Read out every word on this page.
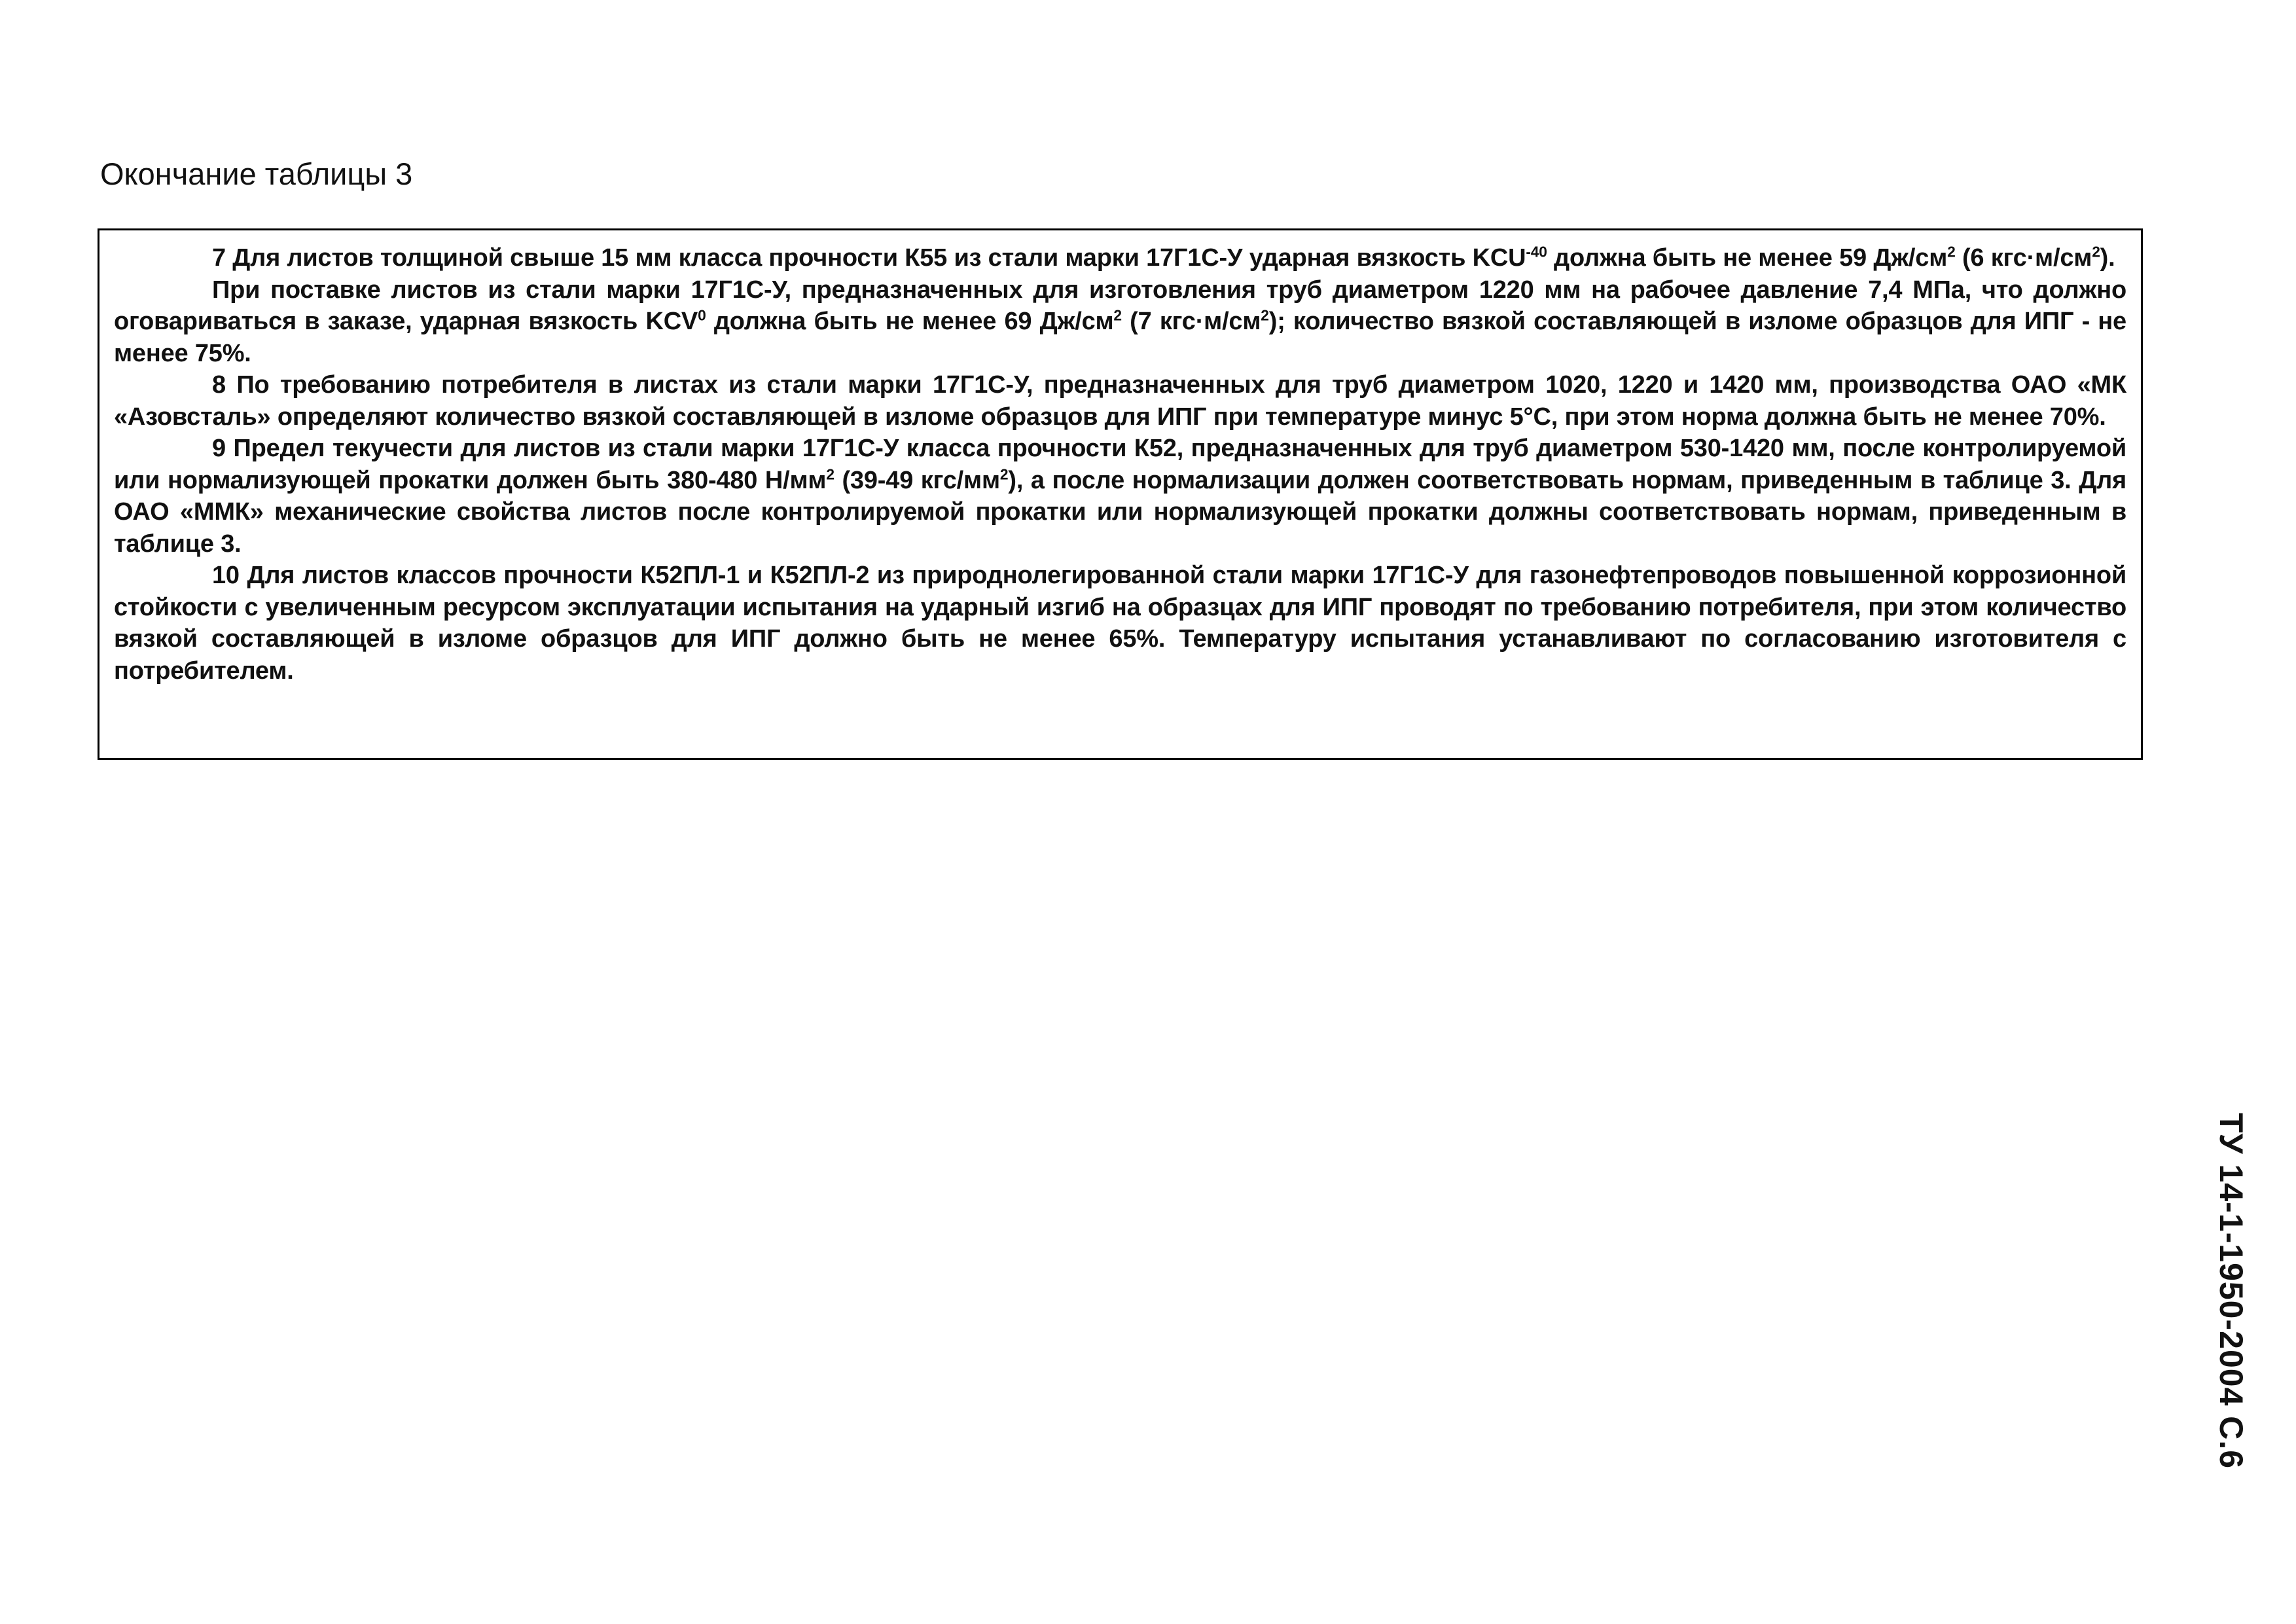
Окончание таблицы 3

7 Для листов толщиной свыше 15 мм класса прочности К55 из стали марки 17Г1С-У ударная вязкость $KCU^{-40}$ должна быть не менее 59 $Дж/см^2$ (6 $кгс\cdot м/см^2$).

При поставке листов из стали марки 17Г1С-У, предназначенных для изготовления труб диаметром 1220 мм на рабочее давление 7,4 МПа, что должно оговариваться в заказе, ударная вязкость KCV$^0$ должна быть не менее 69 $Дж/см^2$ (7 $кгс\cdot м/см^2$); количество вязкой составляющей в изломе образцов для ИПГ - не менее 75%.

8 По требованию потребителя в листах из стали марки 17Г1С-У, предназначенных для труб диаметром 1020, 1220 и 1420 мм, производства ОАО «МК «Азовсталь» определяют количество вязкой составляющей в изломе образцов для ИПГ при температуре минус 5°С, при этом норма должна быть не менее 70%.

9 Предел текучести для листов из стали марки 17Г1С-У класса прочности К52, предназначенных для труб диаметром 530-1420 мм, после контролируемой или нормализующей прокатки должен быть 380-480 $Н/мм^2$ (39-49 кгс/$мм^2$), а после нормализации должен соответствовать нормам, приведенным в таблице 3. Для ОАО «ММК» механические свойства листов после контролируемой прокатки или нормализующей прокатки должны соответствовать нормам, приведенным в таблице 3.

10 Для листов классов прочности К52ПЛ-1 и К52ПЛ-2 из природнолегированной стали марки 17Г1С-У для газонефтепроводов повышенной коррозионной стойкости с увеличенным ресурсом эксплуатации испытания на ударный изгиб на образцах для ИПГ проводят по требованию потребителя, при этом количество вязкой составляющей в изломе образцов для ИПГ должно быть не менее 65%. Температуру испытания устанавливают по согласованию изготовителя с потребителем.

ТУ 14-1-1950-2004 С.6
